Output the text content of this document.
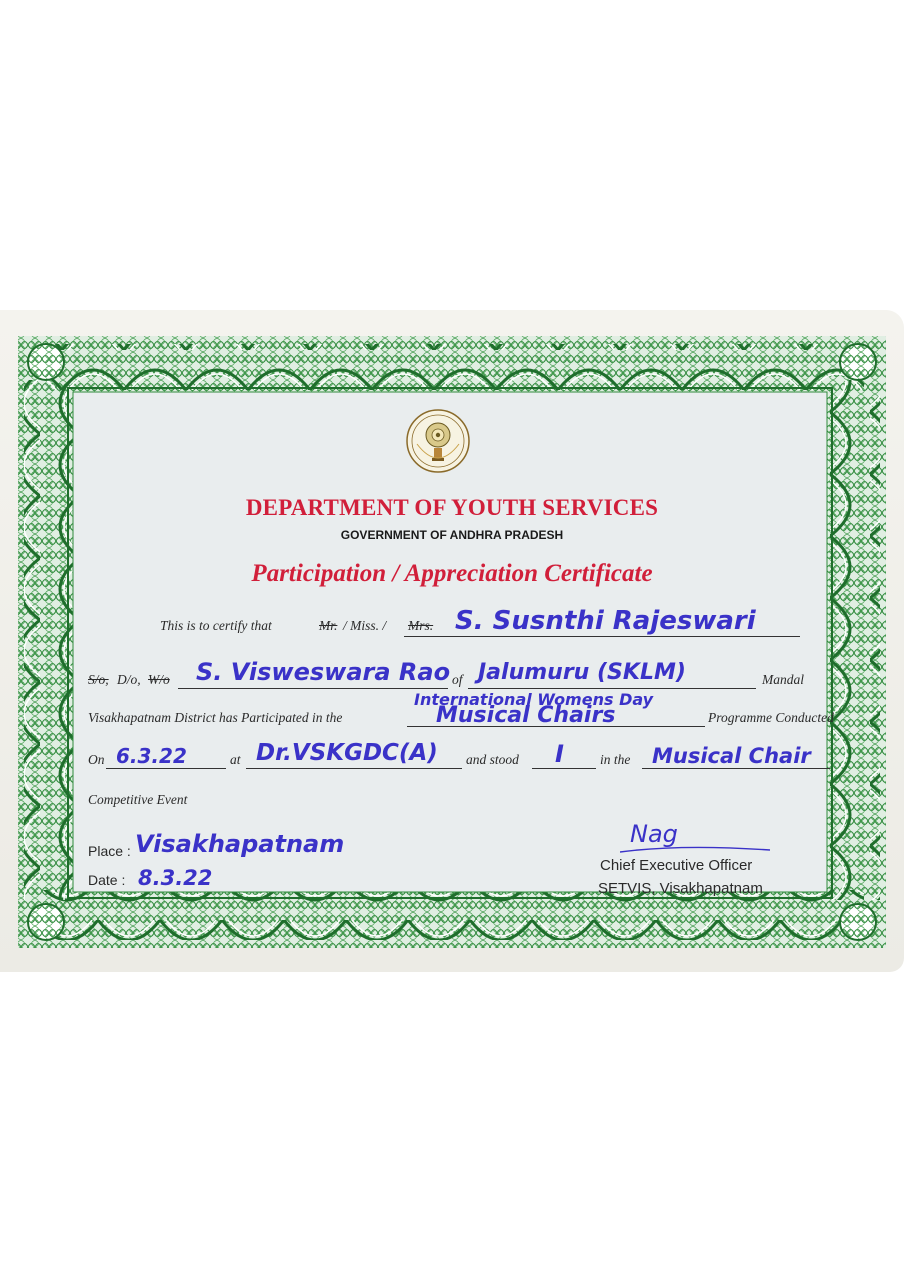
DEPARTMENT OF YOUTH SERVICES
GOVERNMENT OF ANDHRA PRADESH
Participation / Appreciation Certificate
This is to certify that	Mr. / Miss. / Mrs. S. Susnthi Rajeswari
S/o, D/o, W/o S. Visweswara Rao of Jalumuru (SKLM)	Mandal
Visakhapatnam District has Participated in the
International Womens Day
Musical Chairs	Programme Conducted
On 6.3.22	at Dr.VSKGDC(A) and stood I	in the Musical Chair
Competitive Event
Place : Visakhapatnam
Date : 8.3.22
Nag
Chief Executive Officer
SETVIS, Visakhapatnam
